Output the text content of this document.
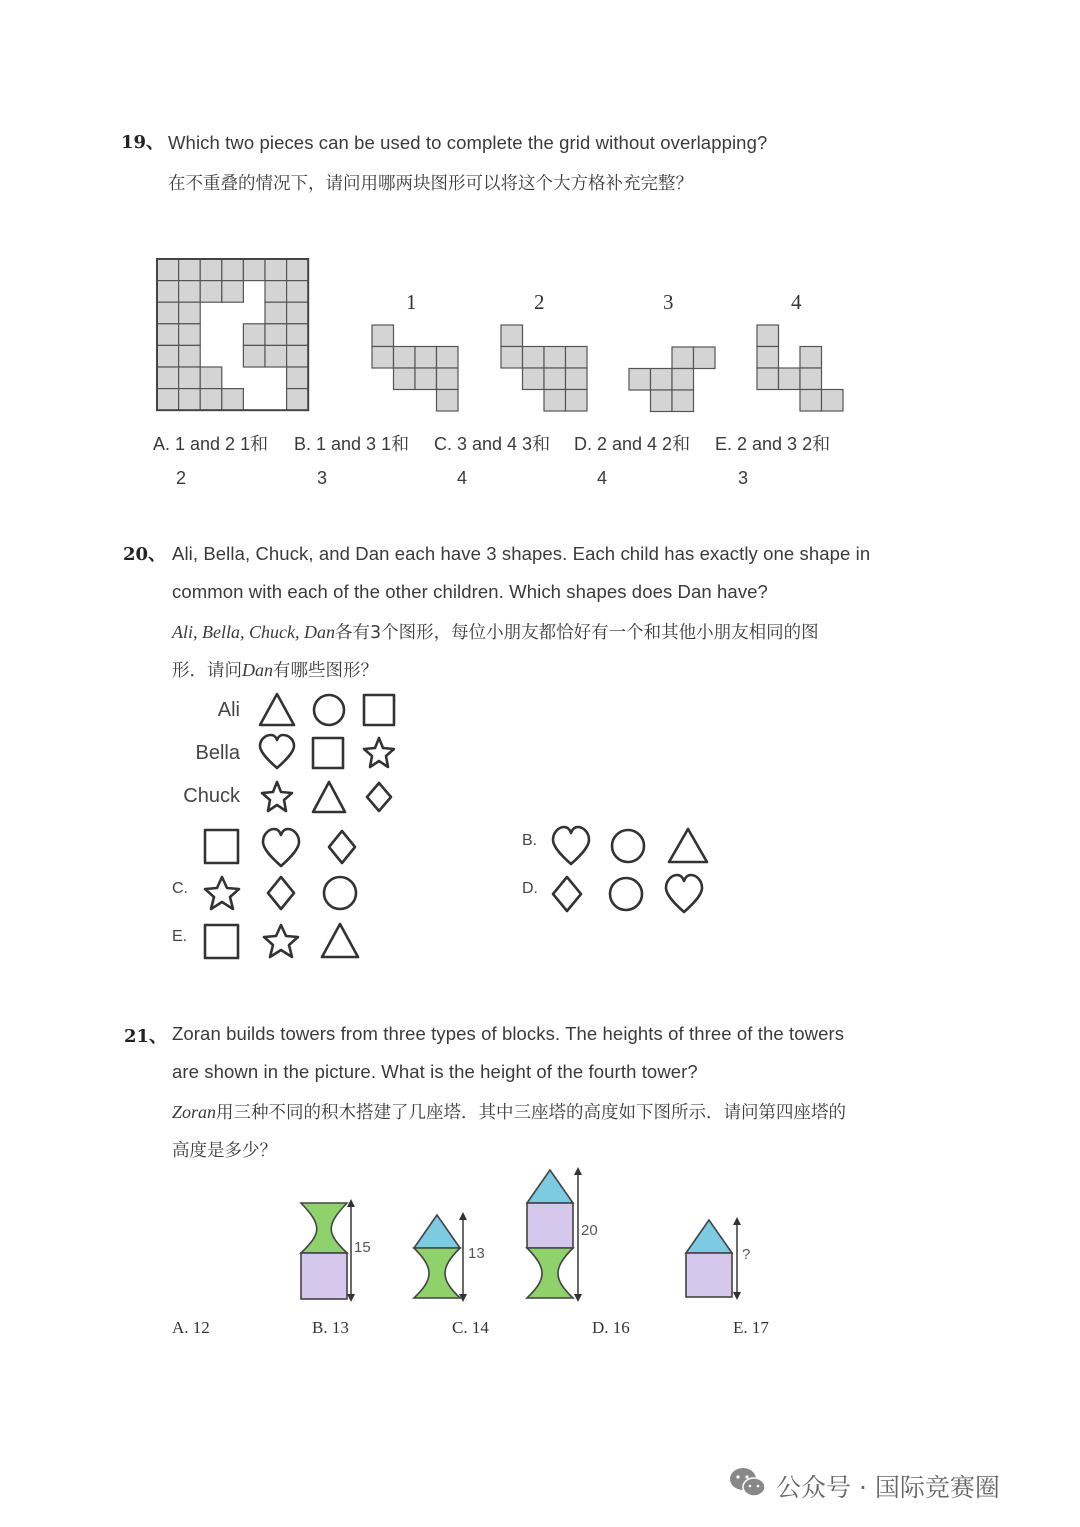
19、 Which two pieces can be used to complete the grid without overlapping?
在不重叠的情况下，请问用哪两块图形可以将这个大方格补充完整？
1	2	3	4
A. 1 and 2 1和
2
B. 1 and 3 1和
3
C. 3 and 4 3和
4
D. 2 and 4 2和
4
E. 2 and 3 2和
3
20、 Ali, Bella, Chuck, and Dan each have 3 shapes. Each child has exactly one shape in
common with each of the other children. Which shapes does Dan have?
Ali, Bella, Chuck, Dan各有3个图形，每位小朋友都恰好有一个和其他小朋友相同的图
形．请问Dan有哪些图形？
Ali
Bella
Chuck
B.
C.	D.
E.
21、 Zoran builds towers from three types of blocks. The heights of three of the towers
are shown in the picture. What is the height of the fourth tower?
Zoran用三种不同的积木搭建了几座塔．其中三座塔的高度如下图所示．请问第四座塔的
高度是多少？
15	13
20
?
A. 12	B. 13	C. 14	D. 16	E. 17
公众号 · 国际竞赛圈
